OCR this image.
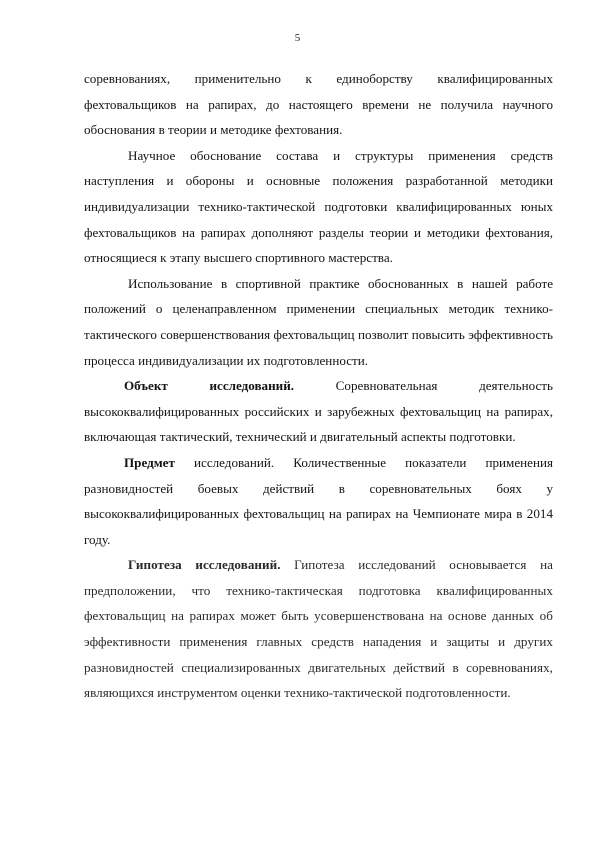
5

соревнованиях, применительно к единоборству квалифицированных фехтовальщиков на рапирах, до настоящего времени не получила научного обоснования в теории и методике фехтования.

Научное обоснование состава и структуры применения средств наступления и обороны и основные положения разработанной методики индивидуализации технико-тактической подготовки квалифицированных юных фехтовальщиков на рапирах дополняют разделы теории и методики фехтования, относящиеся к этапу высшего спортивного мастерства.

Использование в спортивной практике обоснованных в нашей работе положений о целенаправленном применении специальных методик технико-тактического совершенствования фехтовальщиц позволит повысить эффективность процесса индивидуализации их подготовленности.

Объект исследований. Соревновательная деятельность высококвалифицированных российских и зарубежных фехтовальщиц на рапирах, включающая тактический, технический и двигательный аспекты подготовки.

Предмет исследований. Количественные показатели применения разновидностей боевых действий в соревновательных боях у высококвалифицированных фехтовальщиц на рапирах на Чемпионате мира в 2014 году.

Гипотеза исследований. Гипотеза исследований основывается на предположении, что технико-тактическая подготовка квалифицированных фехтовальщиц на рапирах может быть усовершенствована на основе данных об эффективности применения главных средств нападения и защиты и других разновидностей специализированных двигательных действий в соревнованиях, являющихся инструментом оценки технико-тактической подготовленности.
